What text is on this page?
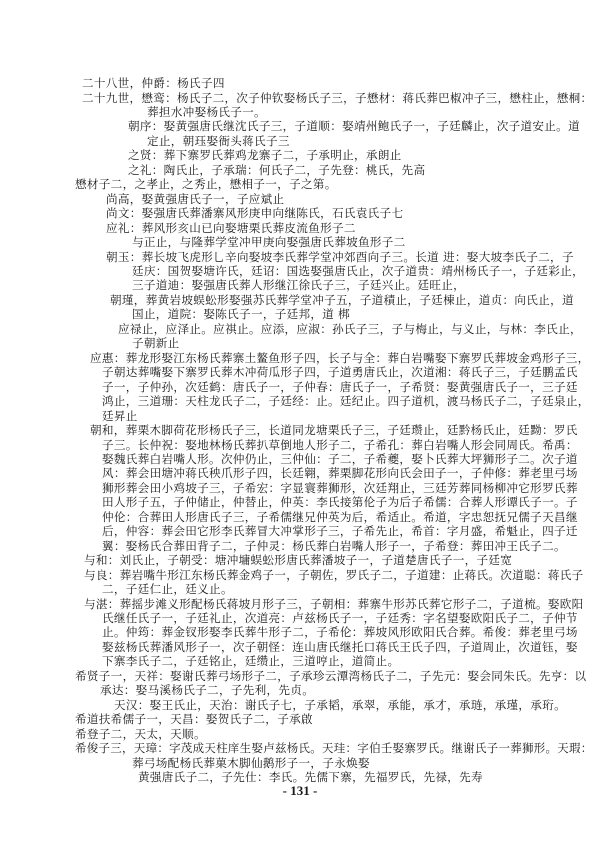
二十八世，仲爵：杨氏子四
二十九世，懋鸾：杨氏子二，次子仲钦娶杨氏子三，子懋材：蒋氏葬巴椒冲子三，懋柱止，懋桐：
葬担水冲娶杨氏子一。
朝序：娶黄强唐氏继沈氏子三，子道顺：娶靖州鲍氏子一，子廷麟止，次子道安止。道
定止，朝珏娶衙头蒋氏子三
之贤：葬下寨罗氏葬鸡龙寨子二，子承明止，承朗止
之礼：陶氏止，子承瑞：何氏子二，子先登：桃氏，先高
懋材子二，之孝止，之秀止，懋相子一，子之第。
尚高，娶黄强唐氏子一，子应斌止
尚文：娶强唐氏葬潘寨风形庚申向继陈氏，石氏袁氏子七
应礼：葬风形亥山已向娶塘栗氏葬皮流鱼形子二
与正止，与隆葬学堂冲甲庚向娶强唐氏葬坡鱼形子二
朝玉：葬长坡飞虎形乚辛向娶坡李氏葬学堂冲郊酉向子三。长道 进：娶大坡李氏子二，子
廷庆：国贺娶塘许氏，廷诏：国选娶强唐氏止，次子道贵：靖州杨氏子一，子廷彩止，
三子道迪：娶强唐氏葬人形继江徐氏子三，子廷兴止。廷旺止，
朝瑾，葬黄岩坡蜈蚣形娶强苏氏葬学堂冲子五，子道積止，子廷棟止，道贞：向氏止，道
国止，道院：娶陈氏子一，子廷邦，道 梆
应禄止，应泽止。应祺止。应添，应淑：孙氏子三，子与梅止，与义止，与林：李氏止，
子朝新止
应惠：葬龙形娶江东杨氏葬寨土鳌鱼形子四，长子与全：葬白岩嘴娶下寨罗氏葬坡金鸡形子三，
子朝达葬嘴娶下寨罗氏葬木冲荷瓜形子四，子道勇唐氏止，次道湘：蒋氏子三，子廷鹏孟氏
子一，子仲孙，次廷鹤：唐氏子一，子仲春：唐氏子一，子希贤：娶黄强唐氏子一，三子廷
鸿止，三道珊：天柱龙氏子二，子廷经：止。廷纪止。四子道机，渡马杨氏子二，子廷泉止，
廷昇止
朝和，葬栗木脚荷花形杨氏子三，长道同龙塘栗氏子三，子廷瓒止，廷黔杨氏止，廷黝：罗氏
子三。长仲祝：娶地林杨氏葬扒草倒地人形子二，子希孔：葬白岩嘴人形会同周氏。希禹：
娶魏氏葬白岩嘴人形。次仲仍止，三仲仙：子二，子希夔，娶卜氏葬大坪狮形子二。次子道
风：葬会田塘冲蒋氏秧爪形子四，长廷翱，葬栗脚花形向氏会田子一，子仲修：葬老里弓场
狮形葬会田小鸡坡子三，子希宏：字显寰葬狮形，次廷翔止，三廷芳葬同杨柳冲它形罗氏葬
田人形子五，子仲储止，仲替止，仲英：李氏接第伦子为后子希儒：合葬人形谭氏子一。子
仲伦：合葬田人形唐氏子三，子希儒继兄仲英为后，希适止。希道，字忠恕抚兄儒子天昌继
后，仲容：葬会田它形李氏葬冒大冲掌形子三，子希先止，希首：字月盛，希魁止，四子迁
翼：娶杨氏合葬田背子二，子仲灵：杨氏葬白岩嘴人形子一，子希登：葬田冲王氏子二。
与和：刘氏止，子朝受：塘冲墉蜈蚣形唐氏葬潘坡子一，子道楚唐氏子一，子廷宽
与良：葬岩嘴牛形江东杨氏葬金鸡子一，子朝佐，罗氏子二，子道建：止蒋氏。次道聪：蒋氏子
二，子廷仁止，廷义止。
与湛：葬摇步滩义形配杨氏蒋坡月形子三，子朝相：葬寨牛形苏氏葬它形子二，子道梳。娶欧阳
氏继任氏子一，子廷礼止，次道亮：卢兹杨氏子一，子廷秀：字名望娶欧阳氏子二，子仲节
止。仲筠：葬金钗形娶李氏葬牛形子二，子希伦：葬坡风形欧阳氏合葬。希俊：葬老里弓场
娶兹杨氏葬潘风形子一，次子朝怪：连山唐氏继托口蒋氏王氏子四，子道周止，次道钰，娶
下寨李氏子二，子廷铭止，廷缵止，三道哼止，道简止。
希贤子一，天祥：娶谢氏葬弓场形子二，子承珍云潭湾杨氏子二，子先元：娶会同朱氏。先亨：以
承达：娶马溪杨氏子二，子先利，先贞。
天汉：娶王氏止，天治：谢氏子七，子承韬，承翠，承能，承才，承琏，承瑾，承珩。
希道扶希儒子一，天昌：娶贺氏子二，子承啟
希登子二，天太，天顺。
希俊子三，天璋：字茂成天柱庠生娶卢兹杨氏。天珪：字伯壬娶寨罗氏。继谢氏子一葬狮形。天瑕：
葬弓场配杨氏葬菓木脚仙鹅形子一，子永焕娶
黄强唐氏子二，子先仕：李氏。先儒下寨，先福罗氏，先禄，先寿
- 131 -
